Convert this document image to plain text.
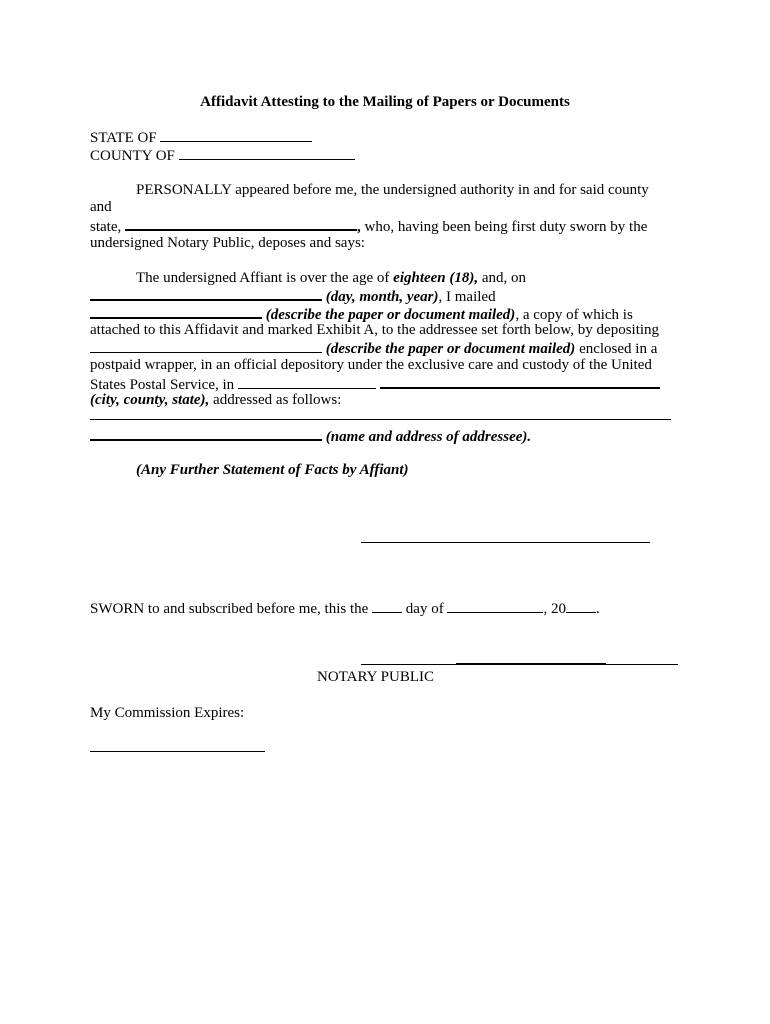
Affidavit Attesting to the Mailing of Papers or Documents

STATE OF

COUNTY OF

PERSONALLY appeared before me, the undersigned authority in and for said county

and

state,	, who, having been being first duty sworn by the

undersigned Notary Public, deposes and says:

The undersigned Affiant is over the age of eighteen (18), and, on

(day, month, year), I mailed

(describe the paper or document mailed), a copy of which is

attached to this Affidavit and marked Exhibit A, to the addressee set forth below, by depositing

(describe the paper or document mailed) enclosed in a

postpaid wrapper, in an official depository under the exclusive care and custody of the United

States Postal Service, in

(city, county, state), addressed as follows:

(name and address of addressee).

(Any Further Statement of Facts by Affiant)

SWORN to and subscribed before me, this the	day of	, 20 .

NOTARY PUBLIC

My Commission Expires:
